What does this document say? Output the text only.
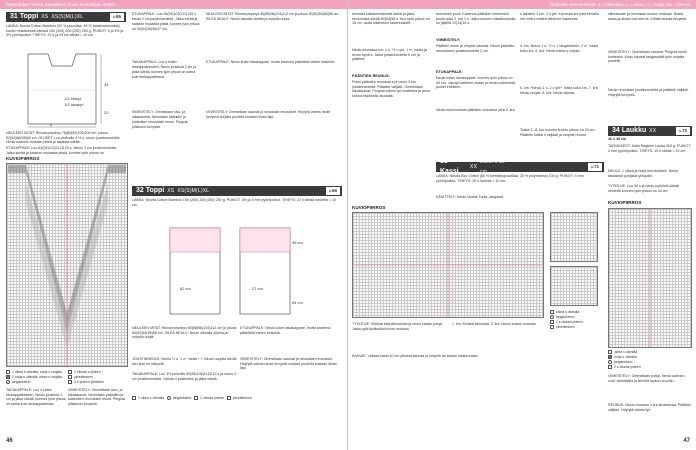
Neuleohjeet vihreä (tavallinen) kuvio neulekirjan ohjeet
31 Toppi XS XS(S)M(L)XL	▶ 65
LANKA: Novita Cotton Bamboo (52 % puuvillaa, 48 % bambuviskoosia) kuvan mukaisessa värissä 150 (200) 200 (250) 250 g. PUIKOT: 4 ja 4½ ja 3½ pyöröpuikot. TIHEYS: 22 s ja 29 krs sileää = 10 cm.
1/2 etukpl
1/2 takakpl
34
20
5
NEULEEN MITAT: Rinnanympärys 76(83)92(100)109 cm, pituus 52(54)56(58)60 cm. OHJEET: Luo puikoille 4 ½ s, neulo joustinneuletta. Neulo kaavion mukaan pitsiä ja tasaista sileää.
ETUKAPPALE: Luo 84(94)102(112)120 s. Neulo 2 cm joustinneuletta. Jatka sileää ja kaavion mukaista pitsiä, kunnes työn pituus on
KUVIOPIIRROS
1 oikea s oikealla, nurja s nurjalla
1 nurja s oikealla, oikea s nurjalla
langankierto
2 oikeaa s yhteen
ylivetäminen
3 s yhteen ylivetäen
TAKAKAPPALE: Luo s kuten etukappaleeseen. Neulo joustinta 2 cm ja jatka sileää, kunnes työn pituus on sama kuin etukappaleessa.
VIIMEISTELY: Ommellaan sivu- ja olkasaumat. Neulotaan pääntien ja kädentien reunuksiin resori. Pingota pitsikuvio kevyesti.
ETUKAPPALE: Luo 84(94)102(112)120 s. Neulo 2 cm joustinneuletta. Jatka sileää ja kaavion mukaista pitsiä, kunnes työn pituus on 33(34)35(36)37 cm.
TAKAKAPPALE: Luo s kuten etukappaleeseen. Neulo joustinta 2 cm ja jatka sileää, kunnes työn pituus on sama kuin etukappaleessa.
VIIMEISTELY: Ommellaan sivu- ja olkasaumat. Neulotaan pääntien ja kädentien reunuksiin resori. Pingota pitsikuvio kevyesti.
NEULEEN MITAT: Rinnanympärys 80(88)96(104)112 cm ja pituus 50(52)54(56)58 cm. SILEÄ NEULE: Neulo oikealla oikeita ja nurjalla nurjia.
ETUKAPPALE: Neulo kuten takakappale, mutta kavenna pääntietä varten keskellä.
VIIMEISTELY: Ommellaan saumat ja neulotaan reunukset. Höyrytä valmis neule kevyesti nurjalta puolelta kostean liinan läpi.
32 Toppi XS XS(S)M(L)XL	▶ 66
LANKA: Novita Cotton Bamboo 150 (200) 200 (250) 250 g. PUIKOT: 3½ ja 4 mm pyöröpuikot. TIHEYS: 22 s sileää neuletta = 10 cm.
62 cm	27 cm
38 cm
54 cm
NEULEEN MITAT: Rinnanympärys 80(88)96(104)112 cm ja pituus 50(52)54(56)58 cm. SILEÄ NEULE: Neulo oikealla oikeita ja nurjalla nurjia.
JOUSTINNEULE: Neulo *1 o, 1 n*, toista *-*. Neulo nurjalla silmät niin kuin ne näkyvät.
TAKAKAPPALE: Luo 3½ puikoille 90(98)106(114)122 s ja neulo 2 cm joustinneuletta. Vaihda 4 puikkoihin ja jatka sileää.
ETUKAPPALE: Neulo kuten takakappale, mutta kavenna pääntietä varten keskellä.
VIIMEISTELY: Ommellaan saumat ja neulotaan reunukset. Höyrytä valmis neule kevyesti nurjalta puolelta kostean liinan läpi.
1 oikea s oikealla	langankierto	2 oikeaa yhteen	ylivetäminen
46
Ohjeiden selvennökset: s = silmukka, o = oikea, n = nurja, krs = kerros
kerrosta kaksinkertaisesti lanka ja jatka neulomista sileää 50(54)58 s. Kun työn pituus on 18 cm, aloita kädentien kavennukset.
Neulo seuraava krs: 1 n, *2 n yht, 1 n*, toista ja neulo loput s. Jatka joustinneuletta 5 cm ja päättele.
PÄÄNTIEN REUNUS:
Poimi pääntien reunasta s ja neulo 3 krs joustinneuletta. Päättele väljästi. Ommellaan olkasaumat. Pingota valmis työ kosteana ja anna kuivua tasaisella alustalla.
kerroksen puoli. Kavenna pääntien molemmin puolin joka 2. krs 1 s. Jatka kunnes olkasilmukoita on jäljellä 12(14)16 s.
VIIMEISTELY:
Päättele neule ja ompele saumat. Neulo pääntien reunukseen joustinneuletta 2 cm.
ETUKAPPALE:
Neulo kuten takakappale, kunnes työn pituus on 40 cm. Jaa työ kahteen osaan ja neulo molemmat puolet erikseen.
Neulo kavennukset pääntien reunassa joka 2. krs.
s takaisin 1 krs: 2 n yht. Kavenna krs joka kerralla niin että s määrä vähenee tasaisesti.
4. krs: Neulo 1 o, *2 o, 1 langankierto, 2 o*, toista koko krs. 5. krs: Neulo kaikki s nurjaa.
6. krs: *Neulo 1 o, 2 o yht*, toista koko krs. 7. krs: Neulo nurjaa. 8. krs: Neulo oikeaa.
Toista 1.–8. krs kunnes kuvion pituus on 20 cm. Päättele kaikki s väljästi ja ompele reunat.
silmukkaan ja neulotaan kuvion mukaan. Nosta lanka ja aloita uusi kerros. Kiristä lankaa kevyesti.
VIIMEISTELY: Ommellaan saumat. Pingota neule kosteana. Kudo lopuksi langanpäät työn nurjalle puolelle.
Neulo reunukset joustinneuletta ja päättele väljästi. Höyrytä kevyesti.
33 Kassi
XX
21cm x 32 cm
▶ 71
LANKA: Novita Eco Cotton (80 % kierrätyspuuvillaa, 20 % polyesteria) 100 g. PUIKOT: 4 mm pyöröpuikko. TIHEYS: 20 s kuviota = 10 cm.
KÄSITTELY: Neulo Novita Tupla -langasta.
KUVIOPIIRROS
oikea s oikealla
langankierto
2 s oikeaa yhteen
ylivetäminen
TYÖOHJE: Virkkaa ketjusilmukoita ja neulo kassin pohja. Jatka pyöröpuikoilla kuvion mukaan.
1. krs: Kiinteä silmukka. 2. krs: Neulo kuvion mukaan.
KAHVAT: Virkkaa kaksi 40 cm pituista kahvaa ja ompele ne kassin sisäreunaan.
34 Laukku XX	▶ 72
46 x 48 cm
TARVIKKEET: Kaito Ragtime Lanka 300 g. PUIKOT: 4 mm pyöröpuikko. TIHEYS: 19 s sileää = 10 cm.
NEULE: 1 oikea ja nurja kerroksittain. Neulo tasaisesti pohjasta ylöspäin.
TYÖOHJE: Luo 90 s ja neulo pyörönä sileää neuletta kunnes työn pituus on 44 cm.
KUVIOPIIRROS
oikea s oikealla
nurja s oikealla
langankierto
2 s oikeaa yhteen
VIIMEISTELY: Ommellaan pohja. Neulo kahvat i-cord -tekniikalla ja kiinnitä laukun sivuihin.
REUNUS: Neulo reunaan 4 krs ainaoikeaa. Päättele väljästi. Höyrytä valmis työ.
47
